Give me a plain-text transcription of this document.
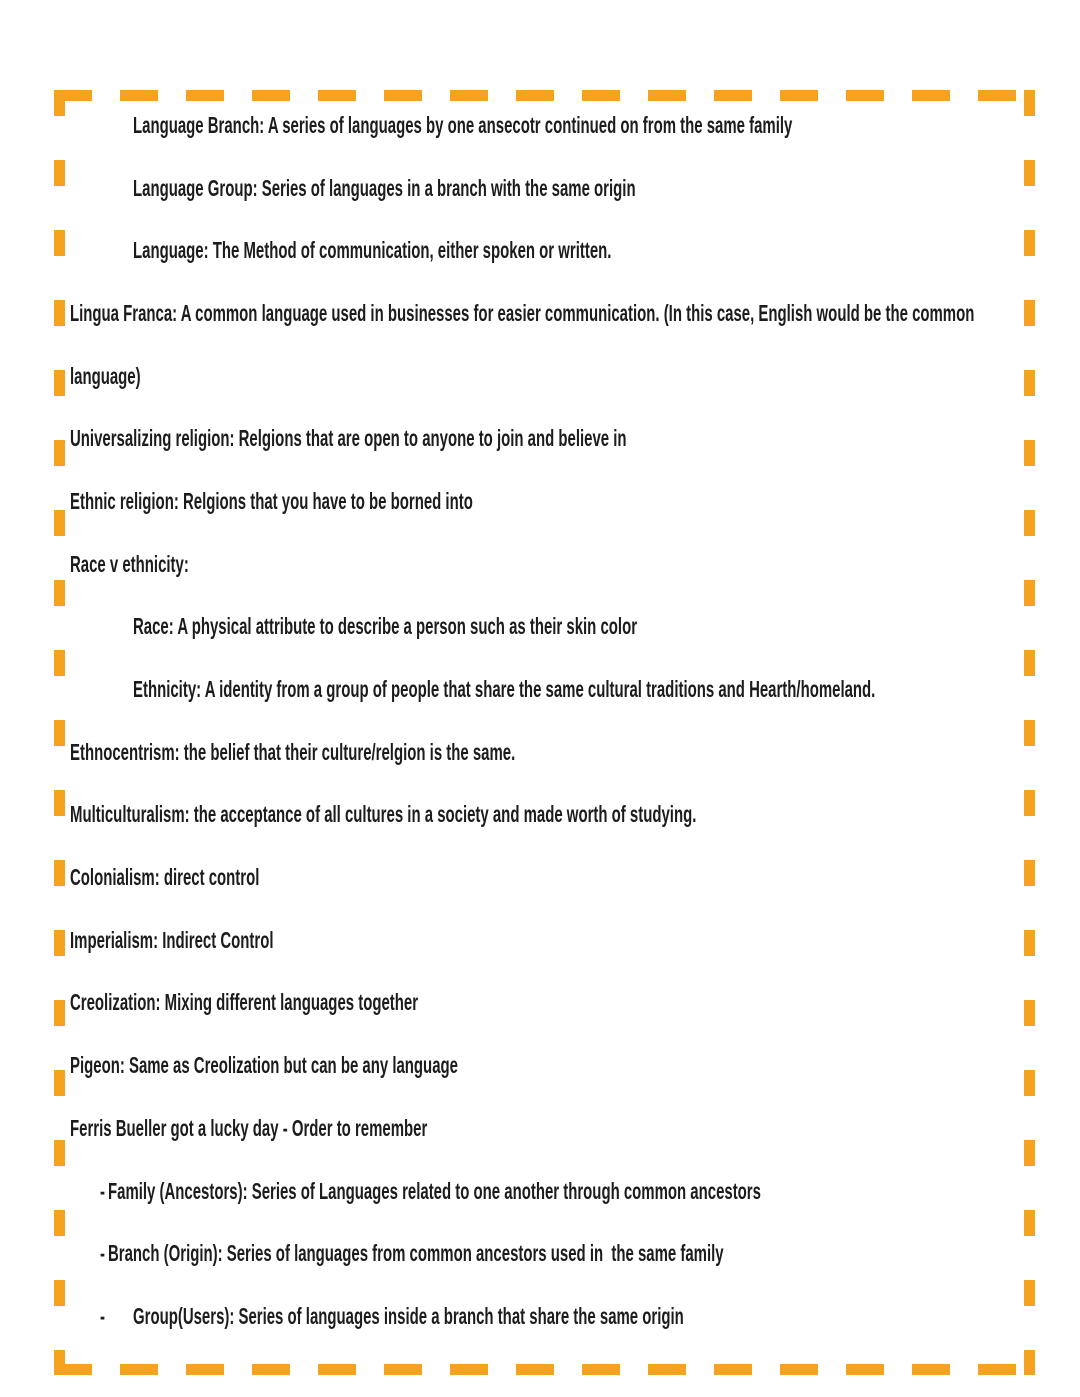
Language Branch: A series of languages by one ansecotr continued on from the same family
Language Group: Series of languages in a branch with the same origin
Language: The Method of communication, either spoken or written.
Lingua Franca: A common language used in businesses for easier communication. (In this case, English would be the common
language)
Universalizing religion: Relgions that are open to anyone to join and believe in
Ethnic religion: Relgions that you have to be borned into
Race v ethnicity:
Race: A physical attribute to describe a person such as their skin color
Ethnicity: A identity from a group of people that share the same cultural traditions and Hearth/homeland.
Ethnocentrism: the belief that their culture/relgion is the same.
Multiculturalism: the acceptance of all cultures in a society and made worth of studying.
Colonialism: direct control
Imperialism: Indirect Control
Creolization: Mixing different languages together
Pigeon: Same as Creolization but can be any language
Ferris Bueller got a lucky day - Order to remember
- Family (Ancestors): Series of Languages related to one another through common ancestors
- Branch (Origin): Series of languages from common ancestors used in  the same family
-	Group(Users): Series of languages inside a branch that share the same origin
